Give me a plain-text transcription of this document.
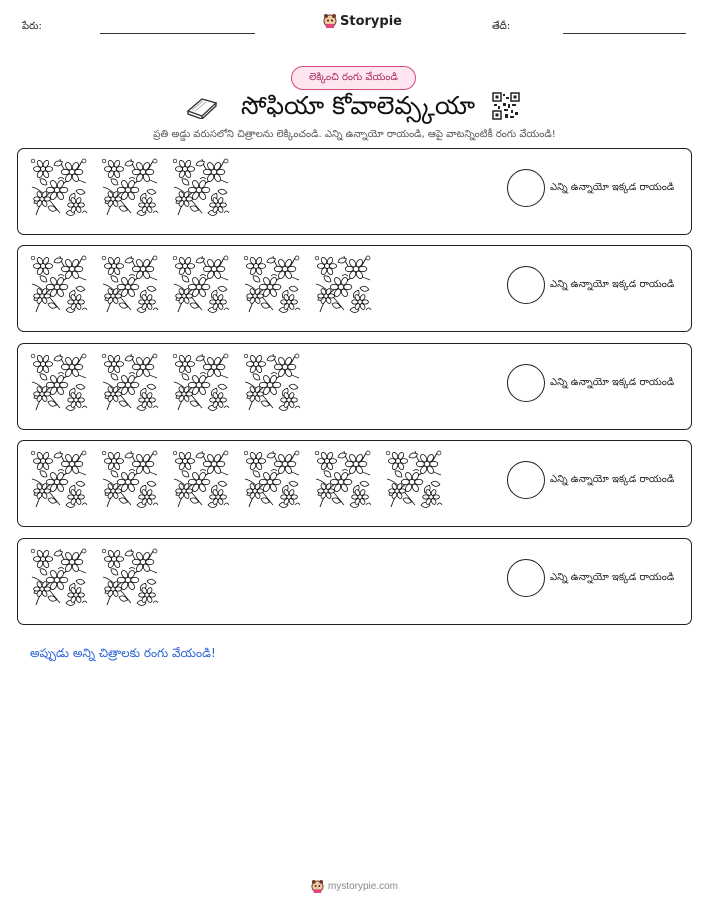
పేరు:	Storypie	తేదీ:
లెక్కించి రంగు వేయండి
సోఫియా కోవాలెవ్స్కయా
ప్రతి అడ్డు వరుసలోని చిత్రాలను లెక్కించండి. ఎన్ని ఉన్నాయో రాయండి, ఆపై వాటన్నింటికీ రంగు వేయండి!
ఎన్ని ఉన్నాయో ఇక్కడ రాయండి
ఎన్ని ఉన్నాయో ఇక్కడ రాయండి
ఎన్ని ఉన్నాయో ఇక్కడ రాయండి
ఎన్ని ఉన్నాయో ఇక్కడ రాయండి
ఎన్ని ఉన్నాయో ఇక్కడ రాయండి
అప్పుడు అన్ని చిత్రాలకు రంగు వేయండి!
mystorypie.com
